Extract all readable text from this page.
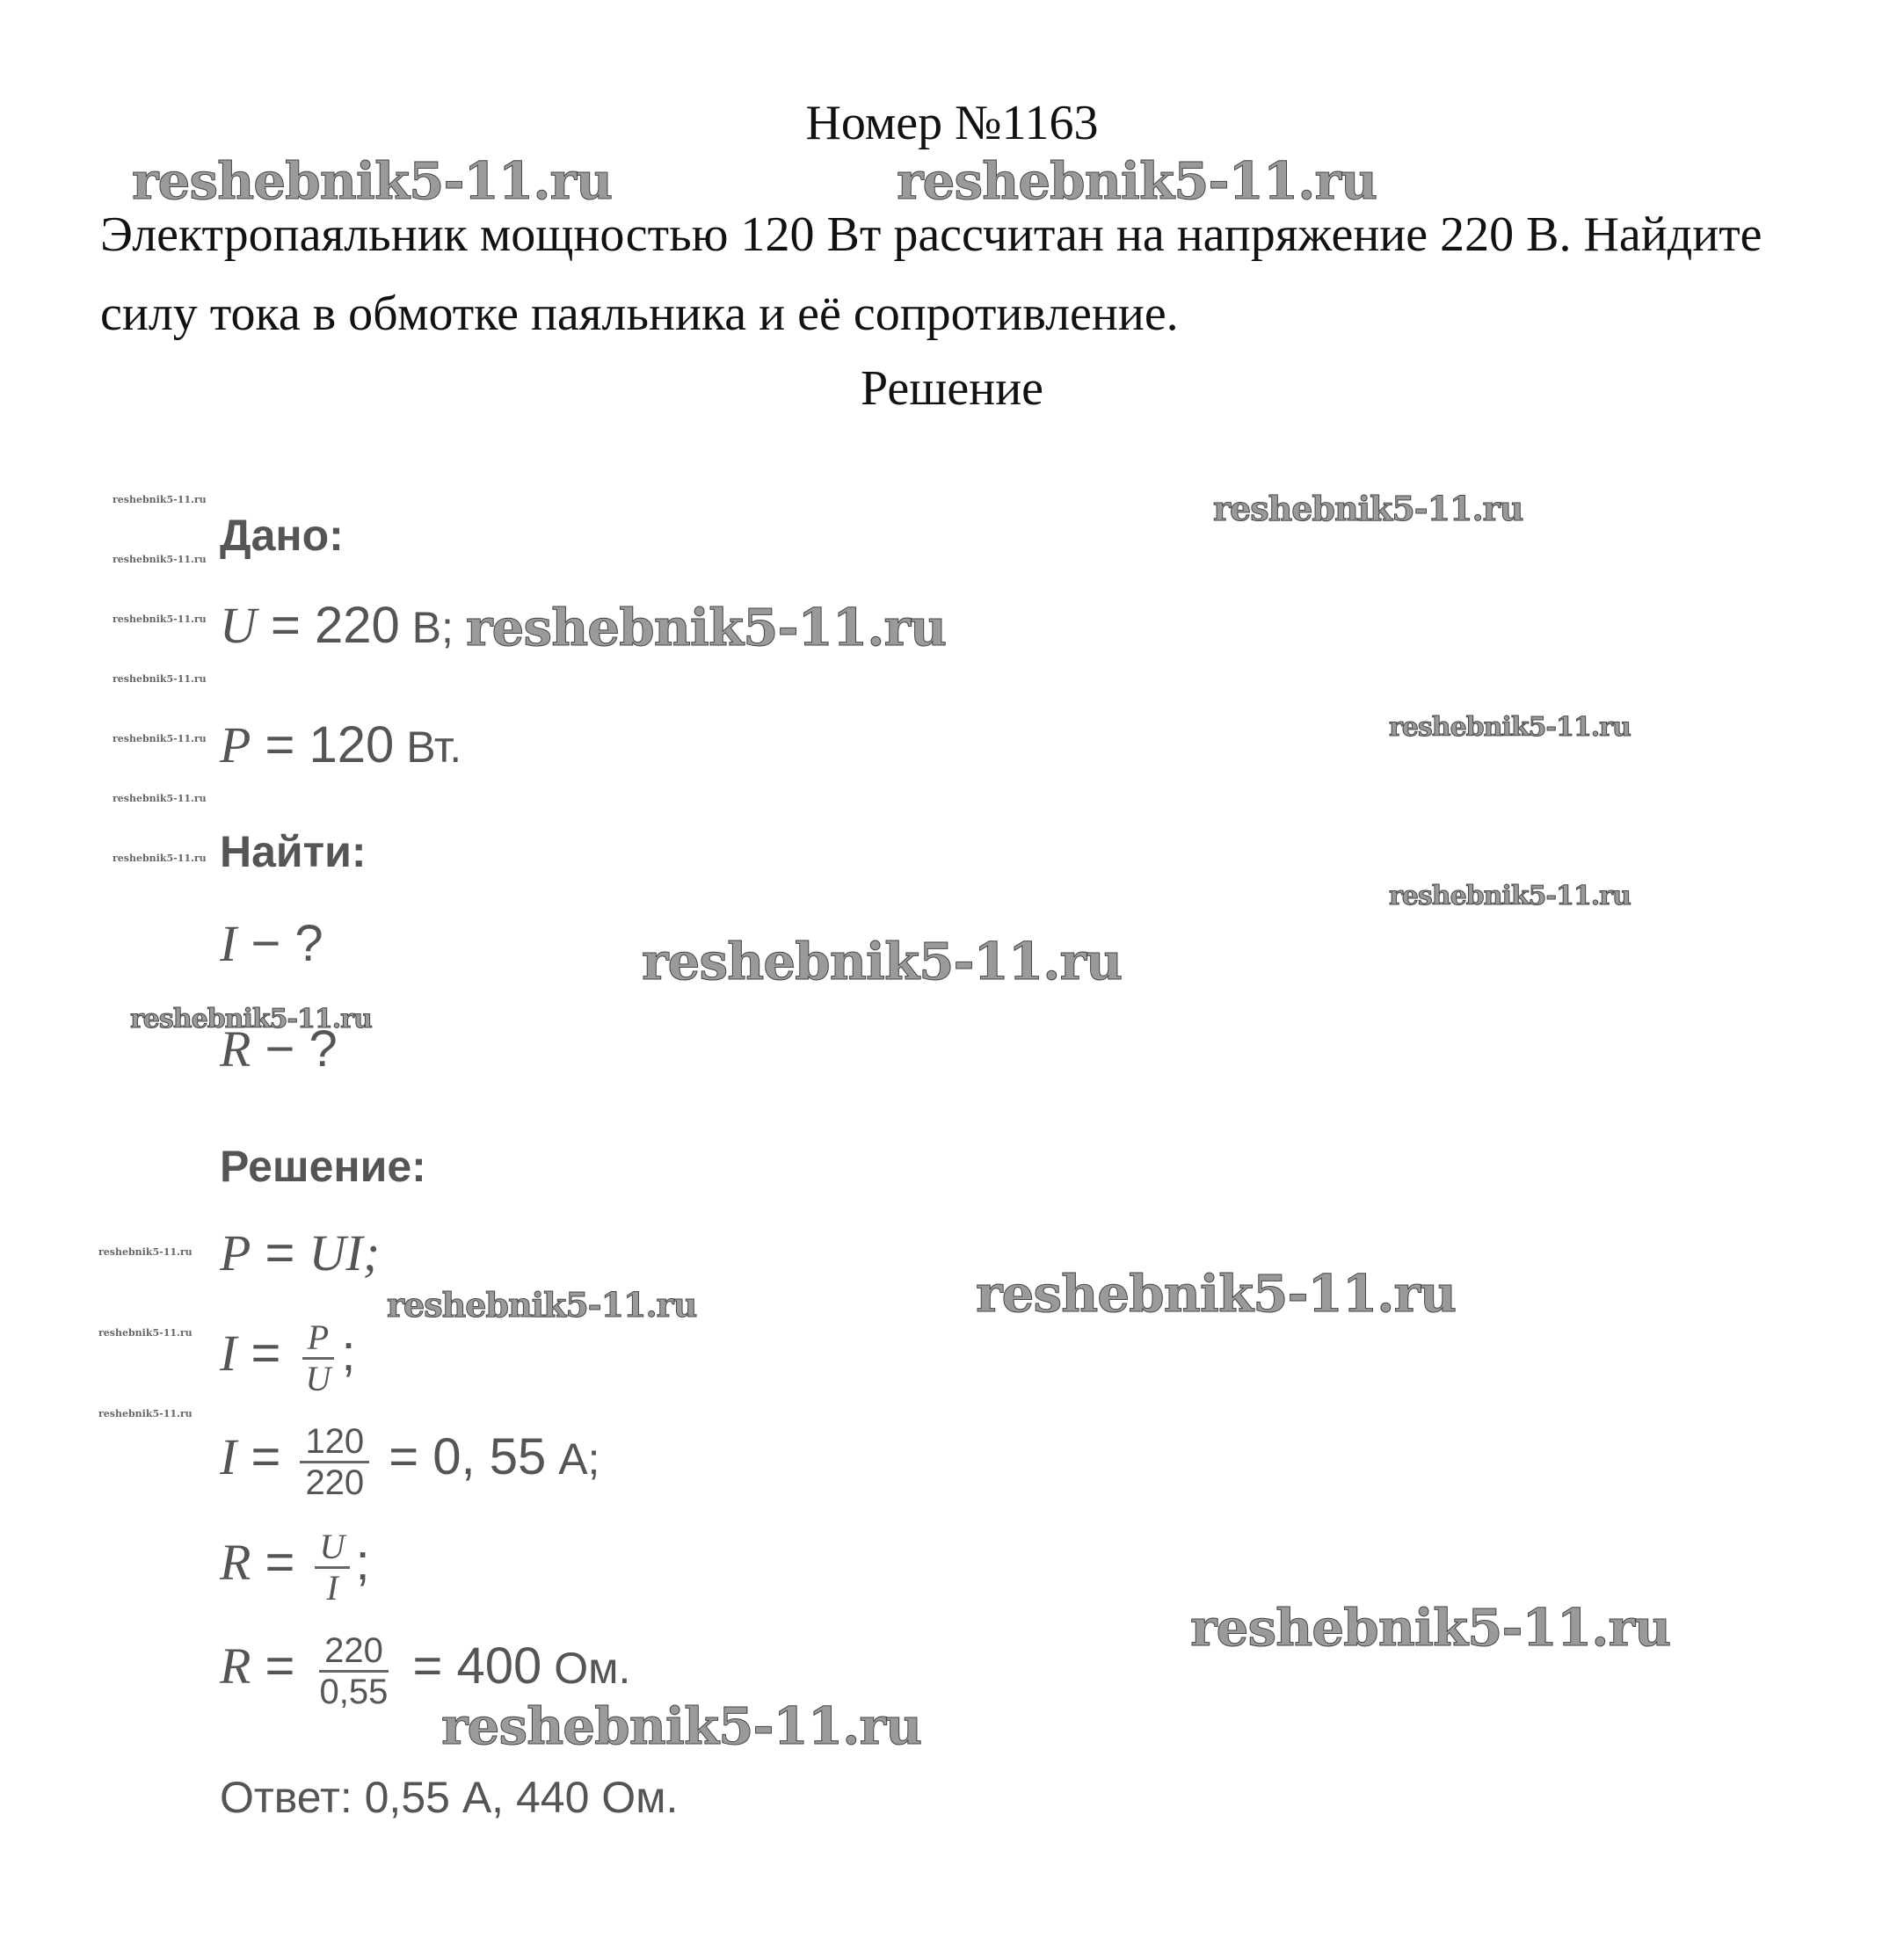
Номер №1163
Электропаяльник мощностью 120 Вт рассчитан на напряжение 220 В. Найдите силу тока в обмотке паяльника и её сопротивление.
Решение
Дано:
U = 220 В;
P = 120 Вт.
Найти:
I − ?
R − ?
Решение:
P = UI;
$I = \frac{P}{U}$ ;
$I = \frac{120}{220} = 0$, 55 А;
$R = \frac{U}{I}$ ;
$R = \frac{220}{0,55} = 400$ Ом.
Ответ: 0,55 А, 440 Ом.
reshebnik5-11.ru	reshebnik5-11.ru
reshebnik5-11.ru
reshebnik5-11.ru
reshebnik5-11.ru
reshebnik5-11.ru
reshebnik5-11.ru
reshebnik5-11.ru
reshebnik5-11.ru	reshebnik5-11.ru
reshebnik5-11.ru
reshebnik5-11.ru
reshebnik5-11.ru
reshebnik5-11.ru
reshebnik5-11.ru
reshebnik5-11.ru
reshebnik5-11.ru
reshebnik5-11.ru
reshebnik5-11.ru
reshebnik5-11.ru
reshebnik5-11.ru
reshebnik5-11.ru
